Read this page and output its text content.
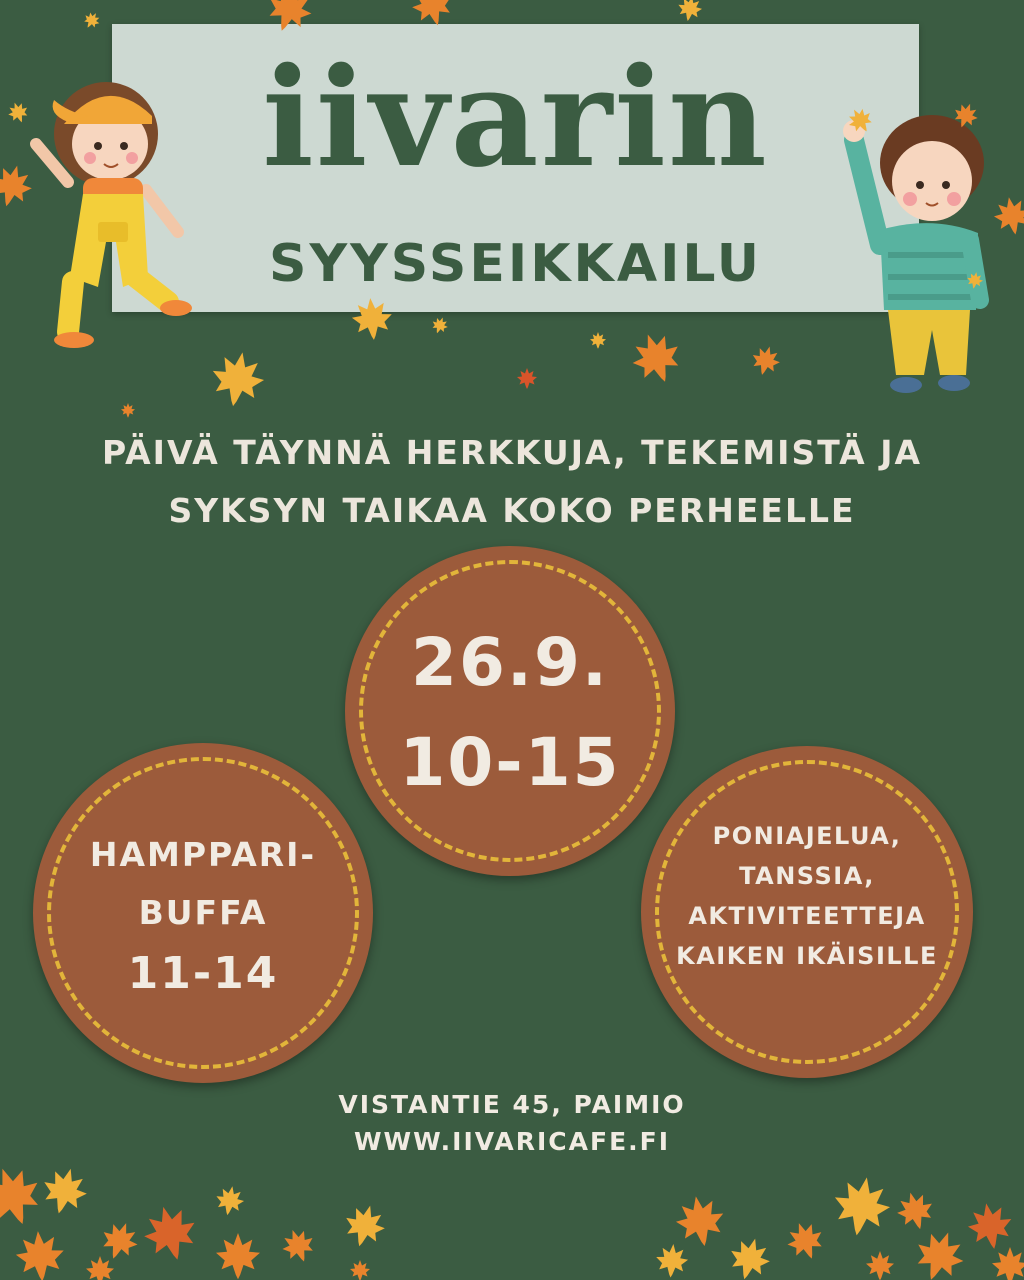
iivarin
SYYSSEIKKAILU
PÄIVÄ TÄYNNÄ HERKKUJA, TEKEMISTÄ JA
SYKSYN TAIKAA KOKO PERHEELLE
26.9.
10-15
HAMPPARI-
BUFFA
11-14
PONIAJELUA,
TANSSIA,
AKTIVITEETTEJA
KAIKEN IKÄISILLE
VISTANTIE 45, PAIMIO
WWW.IIVARICAFE.FI
